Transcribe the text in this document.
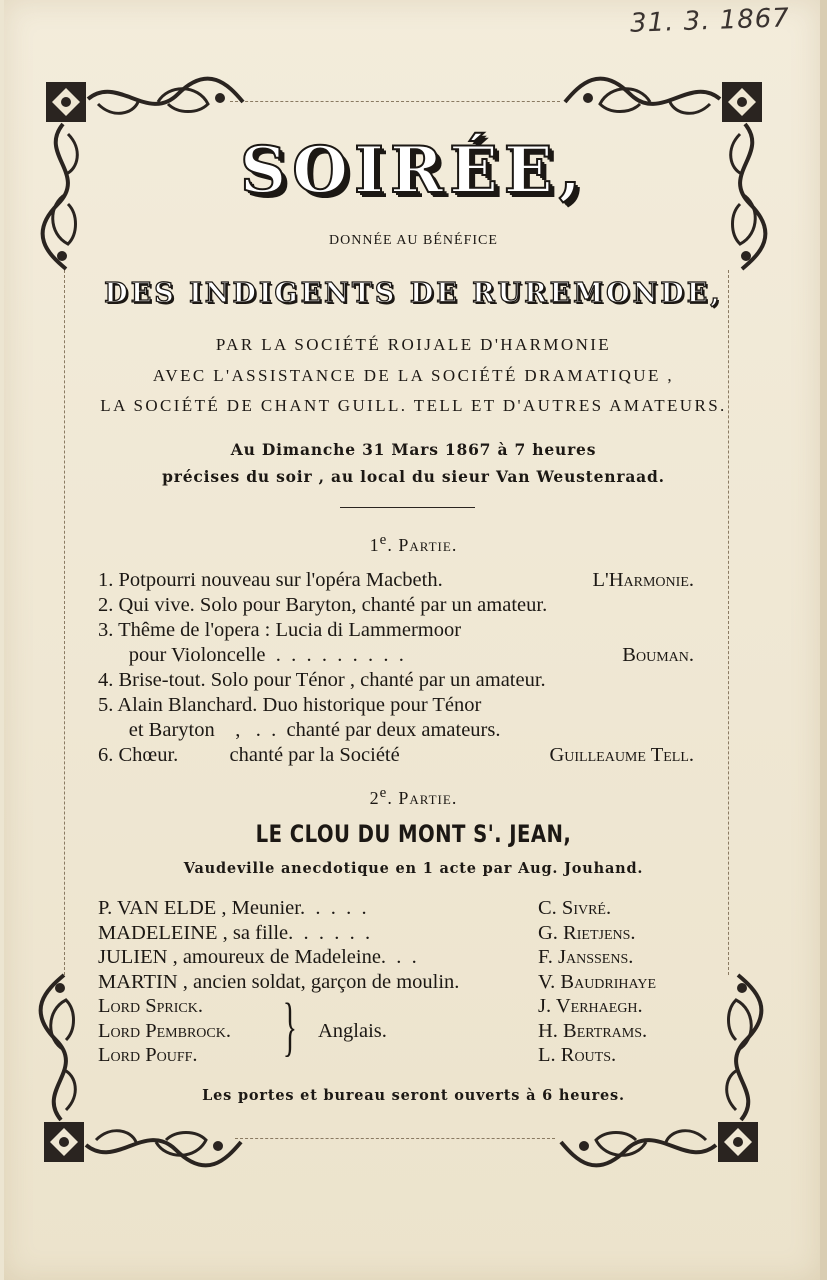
31. 3. 1867
SOIRÉE,
DONNÉE AU BÉNÉFICE
DES INDIGENTS DE RUREMONDE,
PAR LA SOCIÉTÉ ROIJALE D'HARMONIE
AVEC L'ASSISTANCE DE LA SOCIÉTÉ DRAMATIQUE ,
LA SOCIÉTÉ DE CHANT GUILL. TELL ET D'AUTRES AMATEURS.
Au Dimanche 31 Mars 1867 à 7 heures
précises du soir , au local du sieur Van Weustenraad.
1e. Partie.
1. Potpourri nouveau sur l'opéra Macbeth.	L'Harmonie.
2. Qui vive. Solo pour Baryton, chanté par un amateur.
3. Thême de l'opera : Lucia di Lammermoor
pour Violoncelle  .  .  .  .  .  .  .  .  .	Bouman.
4. Brise-tout. Solo pour Ténor , chanté par un amateur.
5. Alain Blanchard. Duo historique pour Ténor
et Baryton    ,   .  .  chanté par deux amateurs.
6. Chœur.          chanté par la Société	Guilleaume Tell.
2e. Partie.
LE CLOU DU MONT S'. JEAN,
Vaudeville anecdotique en 1 acte par Aug. Jouhand.
P. VAN ELDE , Meunier.  .  .  .  .	C. Sivré.
MADELEINE , sa fille.  .  .  .  .  .	G. Rietjens.
JULIEN , amoureux de Madeleine.  .  .	F. Janssens.
MARTIN , ancien soldat, garçon de moulin.	V. Baudrihaye
Lord Sprick.	J. Verhaegh.
Lord Pembrock.	H. Bertrams.
Lord Pouff.	L. Routs.
} Anglais.
Les portes et bureau seront ouverts à 6 heures.
